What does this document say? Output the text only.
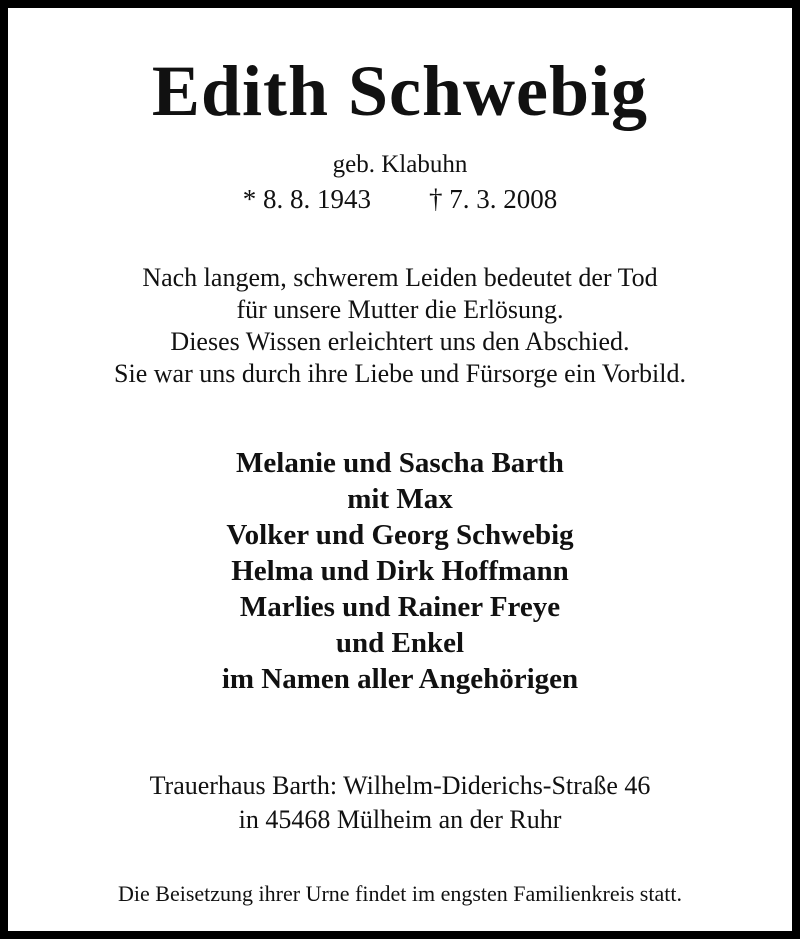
Edith Schwebig
geb. Klabuhn
* 8. 8. 1943 † 7. 3. 2008
Nach langem, schwerem Leiden bedeutet der Tod
für unsere Mutter die Erlösung.
Dieses Wissen erleichtert uns den Abschied.
Sie war uns durch ihre Liebe und Fürsorge ein Vorbild.
Melanie und Sascha Barth
mit Max
Volker und Georg Schwebig
Helma und Dirk Hoffmann
Marlies und Rainer Freye
und Enkel
im Namen aller Angehörigen
Trauerhaus Barth: Wilhelm-Diderichs-Straße 46
in 45468 Mülheim an der Ruhr
Die Beisetzung ihrer Urne findet im engsten Familienkreis statt.
